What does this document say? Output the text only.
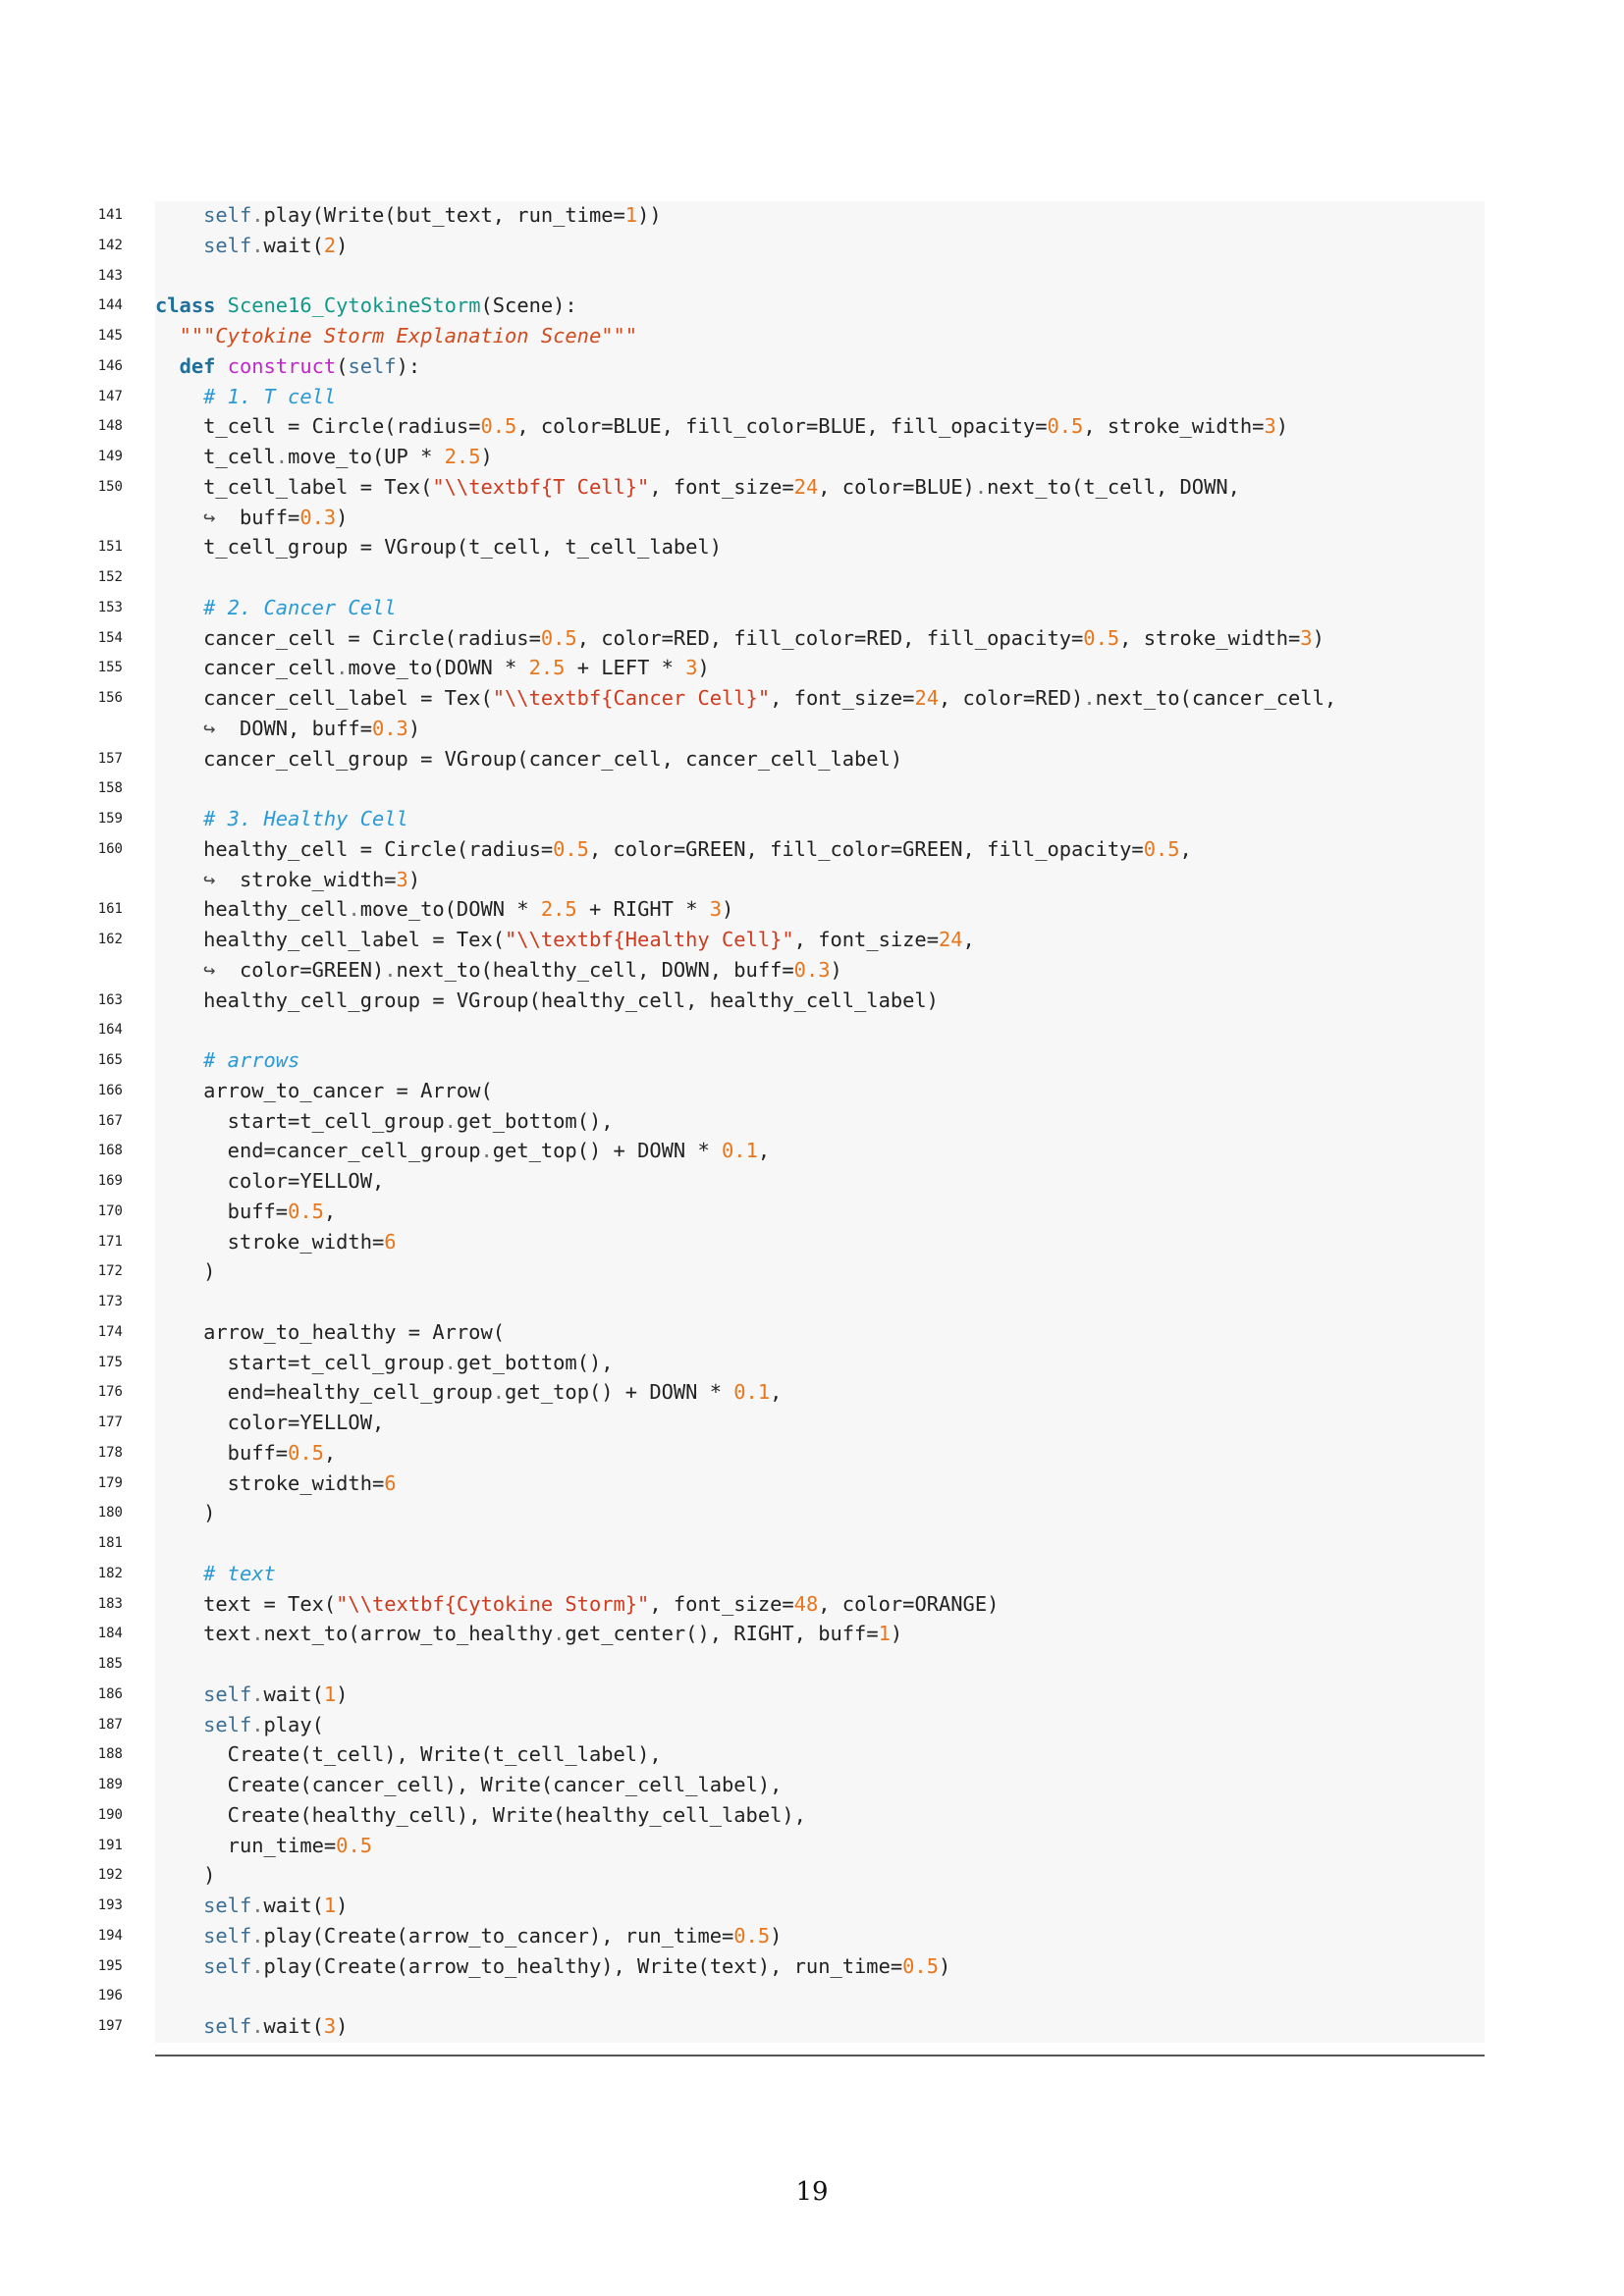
141	self.play(Write(but_text, run_time=1))
142	self.wait(2)
143
144 class Scene16_CytokineStorm(Scene):
145	"""Cytokine Storm Explanation Scene"""
146	def construct(self):
147	# 1. T cell
148	t_cell = Circle(radius=0.5, color=BLUE, fill_color=BLUE, fill_opacity=0.5, stroke_width=3)
149	t_cell.move_to(UP * 2.5)
150	t_cell_label = Tex("\\textbf{T Cell}", font_size=24, color=BLUE).next_to(t_cell, DOWN,
↪  buff=0.3)
151	t_cell_group = VGroup(t_cell, t_cell_label)
152
153	# 2. Cancer Cell
154	cancer_cell = Circle(radius=0.5, color=RED, fill_color=RED, fill_opacity=0.5, stroke_width=3)
155	cancer_cell.move_to(DOWN * 2.5 + LEFT * 3)
156	cancer_cell_label = Tex("\\textbf{Cancer Cell}", font_size=24, color=RED).next_to(cancer_cell,
↪  DOWN, buff=0.3)
157	cancer_cell_group = VGroup(cancer_cell, cancer_cell_label)
158
159	# 3. Healthy Cell
160	healthy_cell = Circle(radius=0.5, color=GREEN, fill_color=GREEN, fill_opacity=0.5,
↪  stroke_width=3)
161	healthy_cell.move_to(DOWN * 2.5 + RIGHT * 3)
162	healthy_cell_label = Tex("\\textbf{Healthy Cell}", font_size=24,
↪  color=GREEN).next_to(healthy_cell, DOWN, buff=0.3)
163	healthy_cell_group = VGroup(healthy_cell, healthy_cell_label)
164
165	# arrows
166	arrow_to_cancer = Arrow(
167	start=t_cell_group.get_bottom(),
168	end=cancer_cell_group.get_top() + DOWN * 0.1,
169	color=YELLOW,
170	buff=0.5,
171	stroke_width=6
172	)
173
174	arrow_to_healthy = Arrow(
175	start=t_cell_group.get_bottom(),
176	end=healthy_cell_group.get_top() + DOWN * 0.1,
177	color=YELLOW,
178	buff=0.5,
179	stroke_width=6
180	)
181
182	# text
183	text = Tex("\\textbf{Cytokine Storm}", font_size=48, color=ORANGE)
184	text.next_to(arrow_to_healthy.get_center(), RIGHT, buff=1)
185
186	self.wait(1)
187	self.play(
188	Create(t_cell), Write(t_cell_label),
189	Create(cancer_cell), Write(cancer_cell_label),
190	Create(healthy_cell), Write(healthy_cell_label),
191	run_time=0.5
192	)
193	self.wait(1)
194	self.play(Create(arrow_to_cancer), run_time=0.5)
195	self.play(Create(arrow_to_healthy), Write(text), run_time=0.5)
196
197	self.wait(3)
19
